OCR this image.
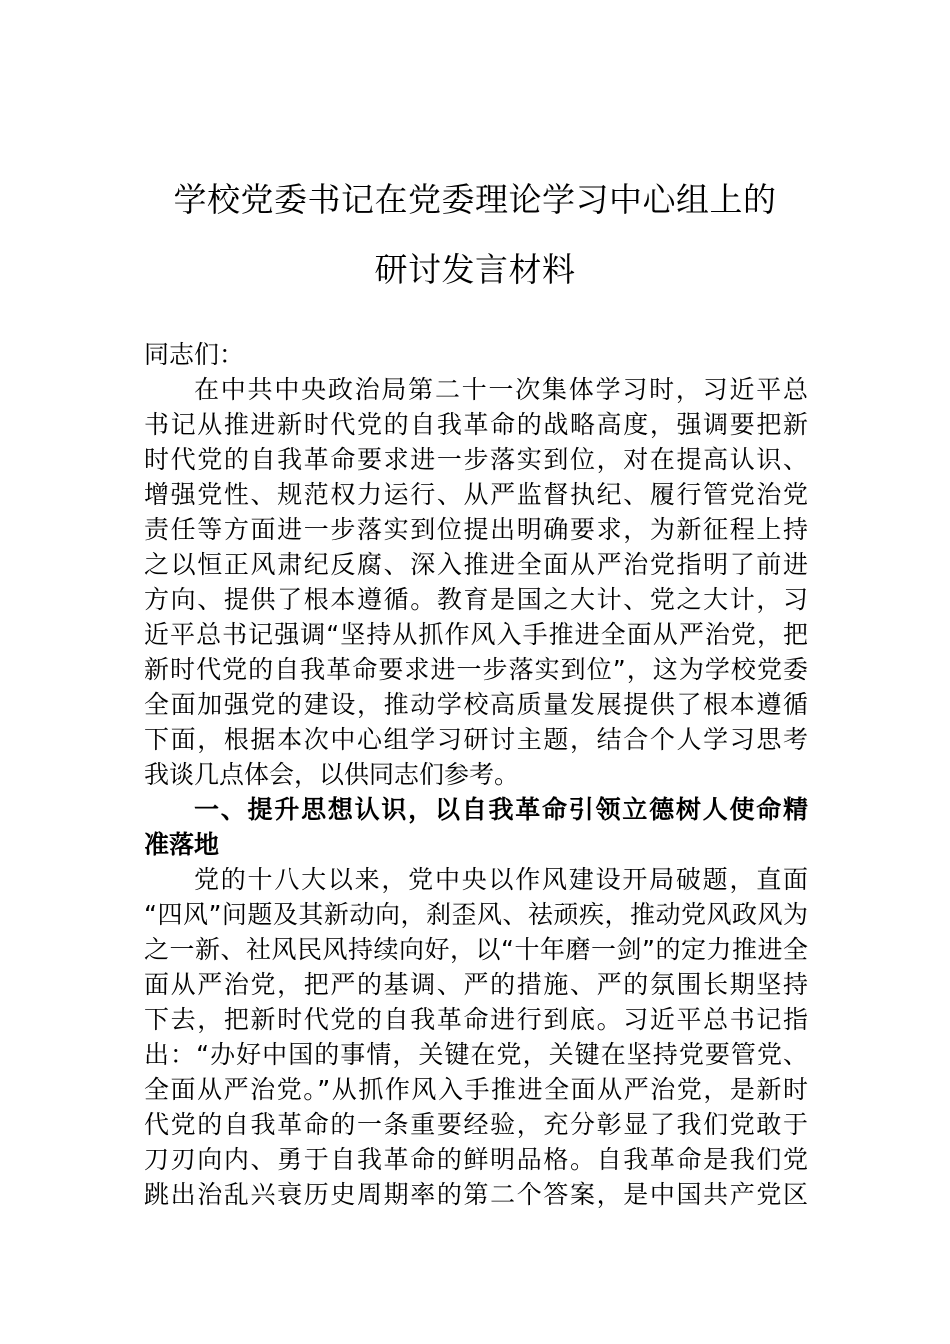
学校党委书记在党委理论学习中心组上的
研讨发言材料
同志们：
在中共中央政治局第二十一次集体学习时，习近平总
书记从推进新时代党的自我革命的战略高度，强调要把新
时代党的自我革命要求进一步落实到位，对在提高认识、
增强党性、规范权力运行、从严监督执纪、履行管党治党
责任等方面进一步落实到位提出明确要求，为新征程上持
之以恒正风肃纪反腐、深入推进全面从严治党指明了前进
方向、提供了根本遵循。教育是国之大计、党之大计，习
近平总书记强调“坚持从抓作风入手推进全面从严治党，把
新时代党的自我革命要求进一步落实到位”，这为学校党委
全面加强党的建设，推动学校高质量发展提供了根本遵循
下面，根据本次中心组学习研讨主题，结合个人学习思考
我谈几点体会，以供同志们参考。
一、提升思想认识，以自我革命引领立德树人使命精
准落地
党的十八大以来，党中央以作风建设开局破题，直面
“四风”问题及其新动向，刹歪风、祛顽疾，推动党风政风为
之一新、社风民风持续向好，以“十年磨一剑”的定力推进全
面从严治党，把严的基调、严的措施、严的氛围长期坚持
下去，把新时代党的自我革命进行到底。习近平总书记指
出：“办好中国的事情，关键在党，关键在坚持党要管党、
全面从严治党。”从抓作风入手推进全面从严治党，是新时
代党的自我革命的一条重要经验，充分彰显了我们党敢于
刀刃向内、勇于自我革命的鲜明品格。自我革命是我们党
跳出治乱兴衰历史周期率的第二个答案，是中国共产党区
